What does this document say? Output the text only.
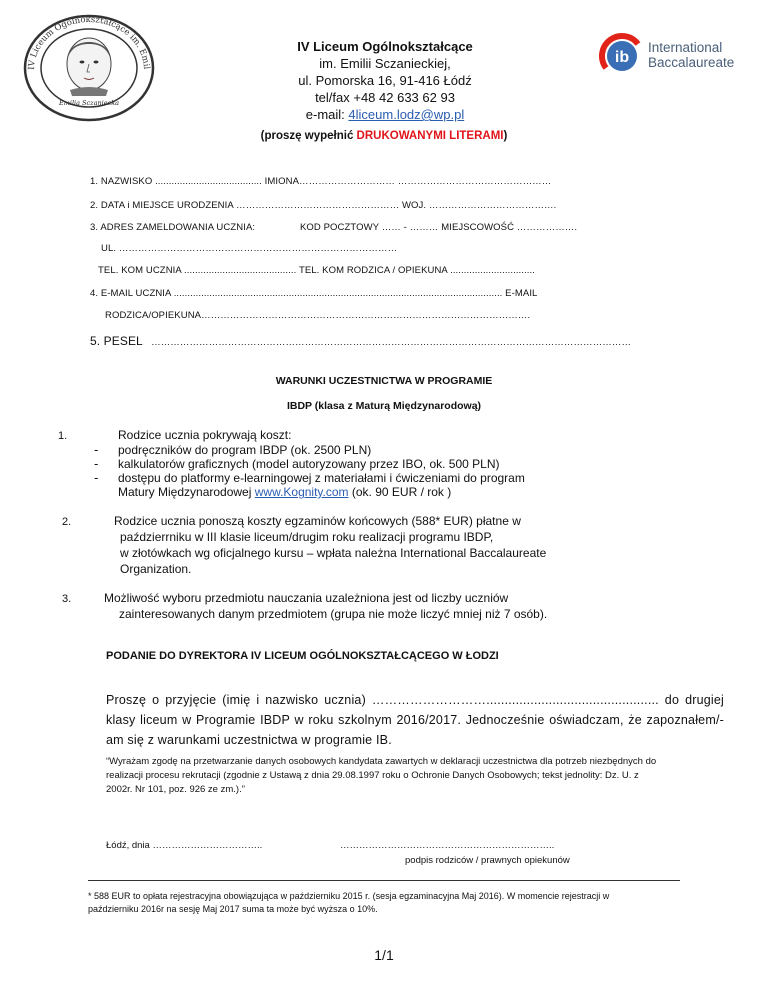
IV Liceum Ogólnokształcące im. Emil
Emilia Sczaniecka
IV Liceum Ogólnokształcące
im. Emilii Sczanieckiej,
ul. Pomorska 16, 91-416 Łódź
tel/fax +48 42 633 62 93
e-mail: 4liceum.lodz@wp.pl
ib
International
Baccalaureate
(proszę wypełnić DRUKOWANYMI LITERAMI)
1. NAZWISKO ....................................... IMIONA………………………… …………………………………………
2. DATA i MIEJSCE URODZENIA …………………………………………… WOJ. ………………………………….
3. ADRES ZAMELDOWANIA UCZNIA:	KOD POCZTOWY …… - ……… MIEJSCOWOŚĆ ……………….
UL. ……………………………………………………………………………
TEL. KOM UCZNIA ......................................... TEL. KOM RODZICA / OPIEKUNA ...............................
4. E-MAIL UCZNIA ........................................................................................................................ E-MAIL
RODZICA/OPIEKUNA………………………………………………………………………………………….
5. PESEL ……………………………………………………………………………………………………………………………………
WARUNKI UCZESTNICTWA W PROGRAMIE
IBDP (klasa z Maturą Międzynarodową)
1.	Rodzice ucznia pokrywają koszt:
- podręczników do program IBDP (ok. 2500 PLN)
- kalkulatorów graficznych (model autoryzowany przez IBO, ok. 500 PLN)
- dostępu do platformy e-learningowej z materiałami i ćwiczeniami do program
Matury Międzynarodowej www.Kognity.com (ok. 90 EUR / rok )
2.	Rodzice ucznia ponoszą koszty egzaminów końcowych (588* EUR) płatne w
paździerrniku w III klasie liceum/drugim roku realizacji programu IBDP,
w złotówkach wg oficjalnego kursu – wpłata należna International Baccalaureate
Organization.
3.	Możliwość wyboru przedmiotu nauczania uzależniona jest od liczby uczniów
zainteresowanych danym przedmiotem (grupa nie może liczyć mniej niż 7 osób).
PODANIE DO DYREKTORA IV LICEUM OGÓLNOKSZTAŁCĄCEGO W ŁODZI
Proszę o przyjęcie (imię i nazwisko ucznia) ………………………............................................... do drugiej klasy liceum w Programie IBDP w roku szkolnym 2016/2017. Jednocześnie oświadczam, że zapoznałem/-am się z warunkami uczestnictwa w programie IB.
“Wyrażam zgodę na przetwarzanie danych osobowych kandydata zawartych w deklaracji uczestnictwa dla potrzeb niezbędnych do realizacji procesu rekrutacji (zgodnie z Ustawą z dnia 29.08.1997 roku o Ochronie Danych Osobowych; tekst jednolity: Dz. U. z 2002r. Nr 101, poz. 926 ze zm.).”
Łódź, dnia ……………………………..	…………………………………………………………..
podpis rodziców / prawnych opiekunów
* 588 EUR to opłata rejestracyjna obowiązująca w październiku 2015 r. (sesja egzaminacyjna Maj 2016). W momencie rejestracji w październiku 2016r na sesję Maj 2017 suma ta może być wyższa o 10%.
1/1
